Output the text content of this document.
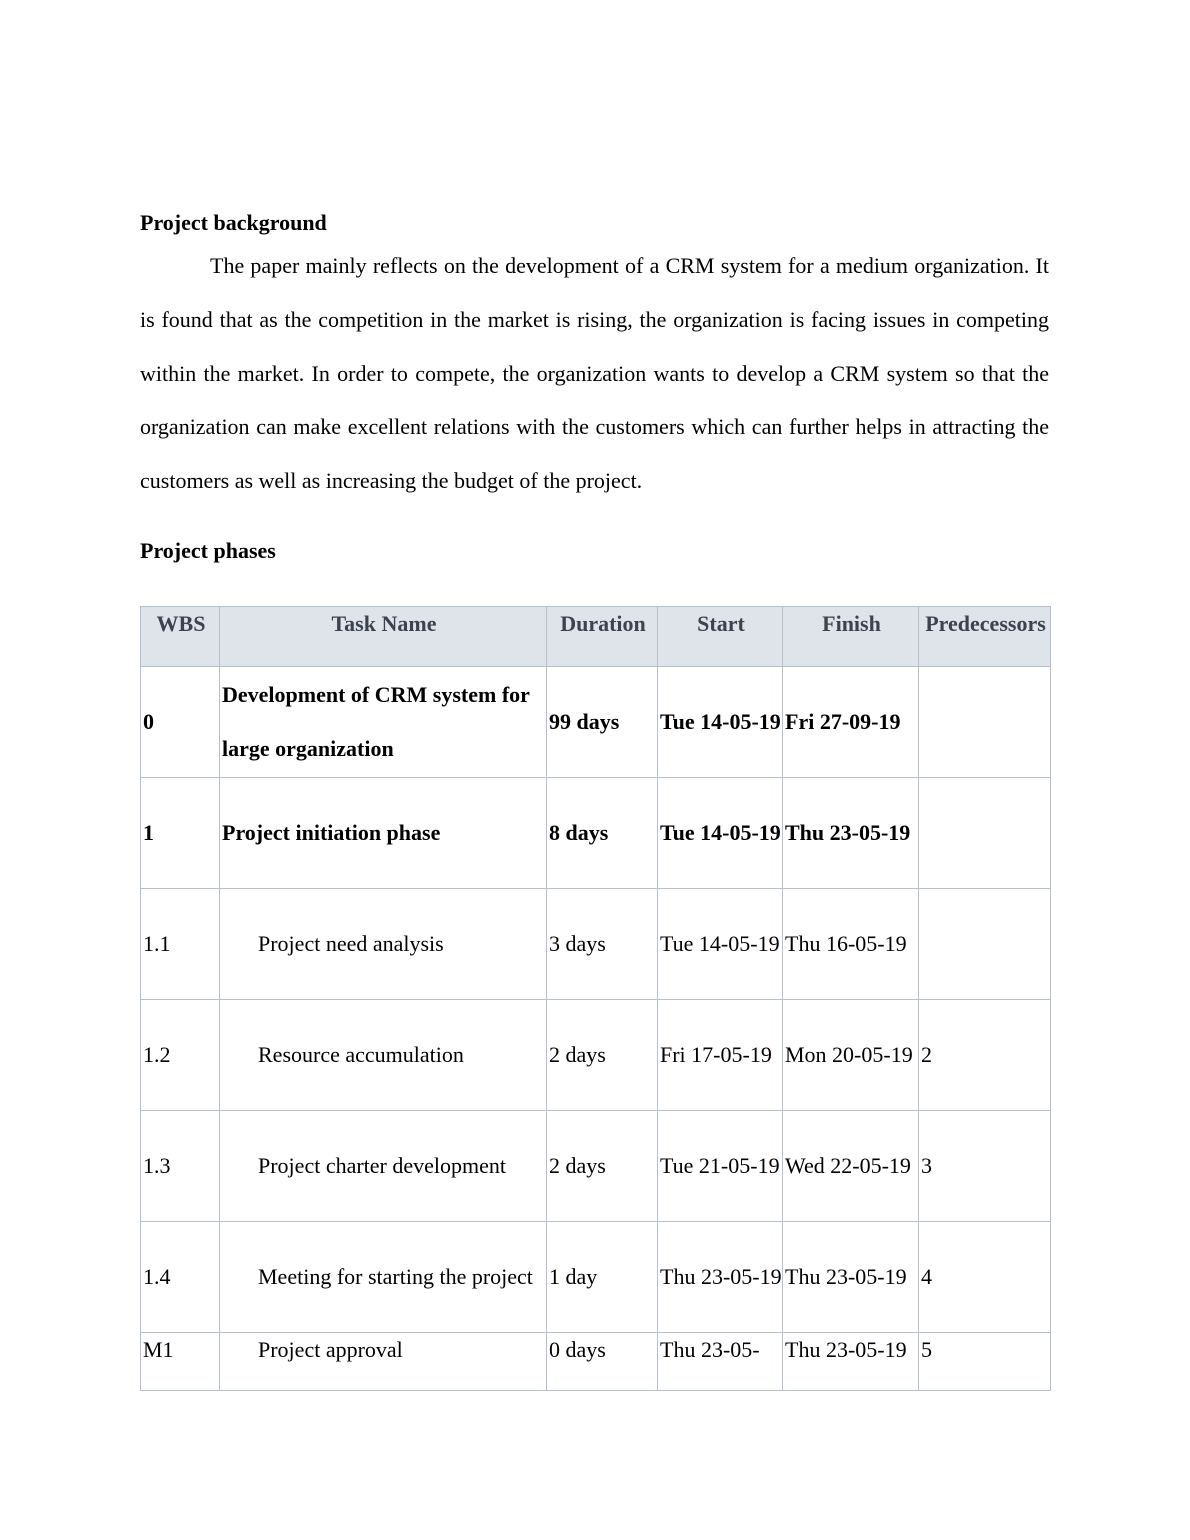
Project background

The paper mainly reflects on the development of a CRM system for a medium organization. It is found that as the competition in the market is rising, the organization is facing issues in competing within the market. In order to compete, the organization wants to develop a CRM system so that the organization can make excellent relations with the customers which can further helps in attracting the customers as well as increasing the budget of the project.

Project phases
WBS	Task Name	Duration	Start	Finish	Predecessors
0	Development of CRM system for large organization	99 days	Tue 14-05-19	Fri 27-09-19	
1	Project initiation phase	8 days	Tue 14-05-19	Thu 23-05-19	
1.1	Project need analysis	3 days	Tue 14-05-19	Thu 16-05-19	
1.2	Resource accumulation	2 days	Fri 17-05-19	Mon 20-05-19	2
1.3	Project charter development	2 days	Tue 21-05-19	Wed 22-05-19	3
1.4	Meeting for starting the project	1 day	Thu 23-05-19	Thu 23-05-19	4
M1	Project approval	0 days	Thu 23-05-	Thu 23-05-19	5
